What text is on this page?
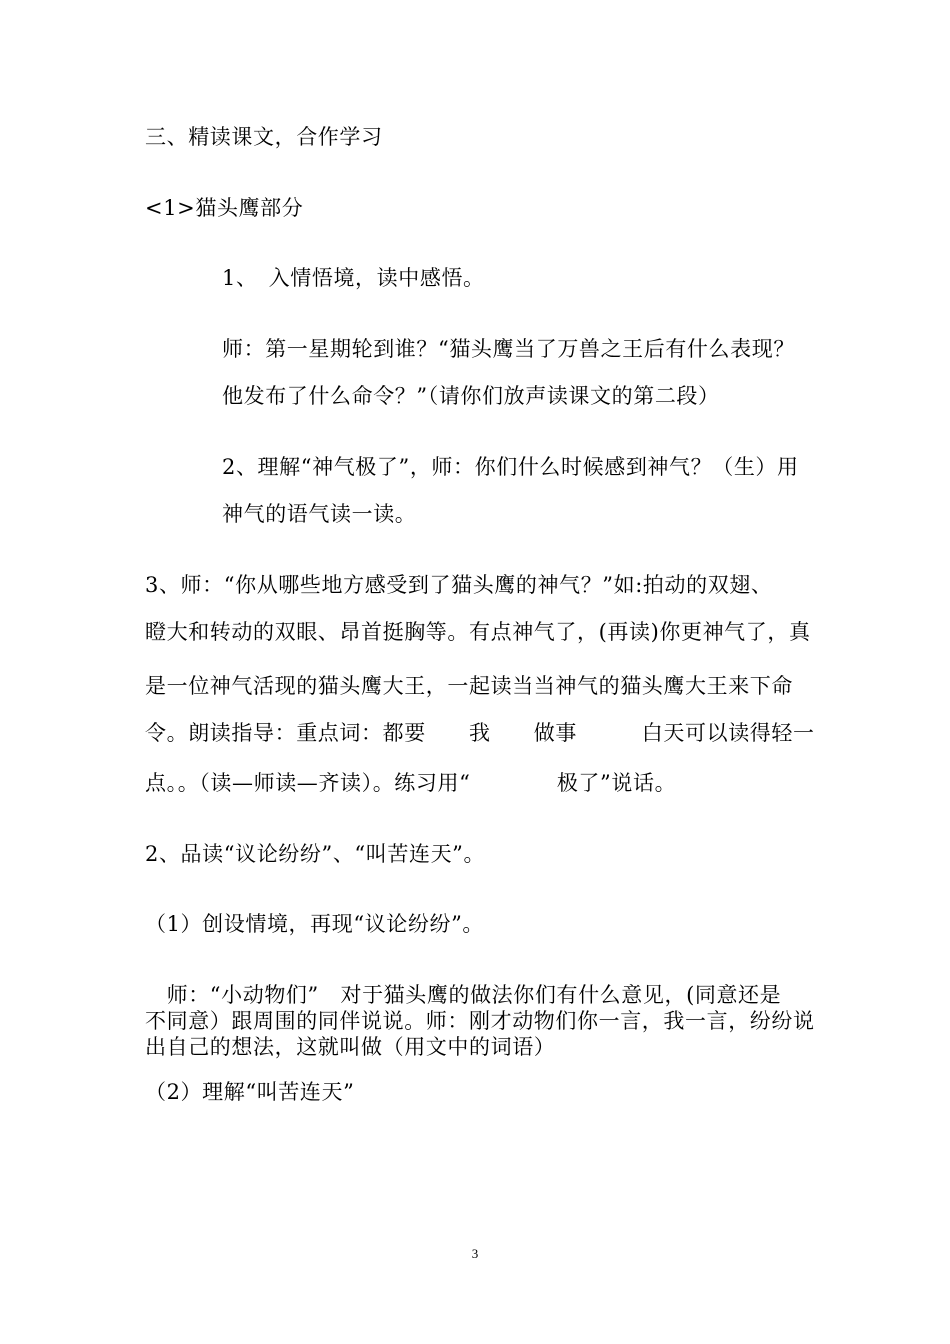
三、精读课文，合作学习
<1>猫头鹰部分
1、　入情悟境，读中感悟。
师：第一星期轮到谁？“猫头鹰当了万兽之王后有什么表现？
他发布了什么命令？”（请你们放声读课文的第二段）
2、理解“神气极了”，师：你们什么时候感到神气？（生）用
神气的语气读一读。
3、师：“你从哪些地方感受到了猫头鹰的神气？”如:拍动的双翅、
瞪大和转动的双眼、昂首挺胸等。有点神气了，(再读)你更神气了，真
是一位神气活现的猫头鹰大王，一起读当当神气的猫头鹰大王来下命
令。朗读指导：重点词：都要　　我　　做事　　　白天可以读得轻一
点。。（读—师读—齐读）。练习用“　　　　极了”说话。
2、品读“议论纷纷”、“叫苦连天”。
（1）创设情境，再现“议论纷纷”。
　师：“小动物们”　对于猫头鹰的做法你们有什么意见，(同意还是
不同意）跟周围的同伴说说。师：刚才动物们你一言，我一言，纷纷说
出自己的想法，这就叫做（用文中的词语）
（2）理解“叫苦连天”
3
